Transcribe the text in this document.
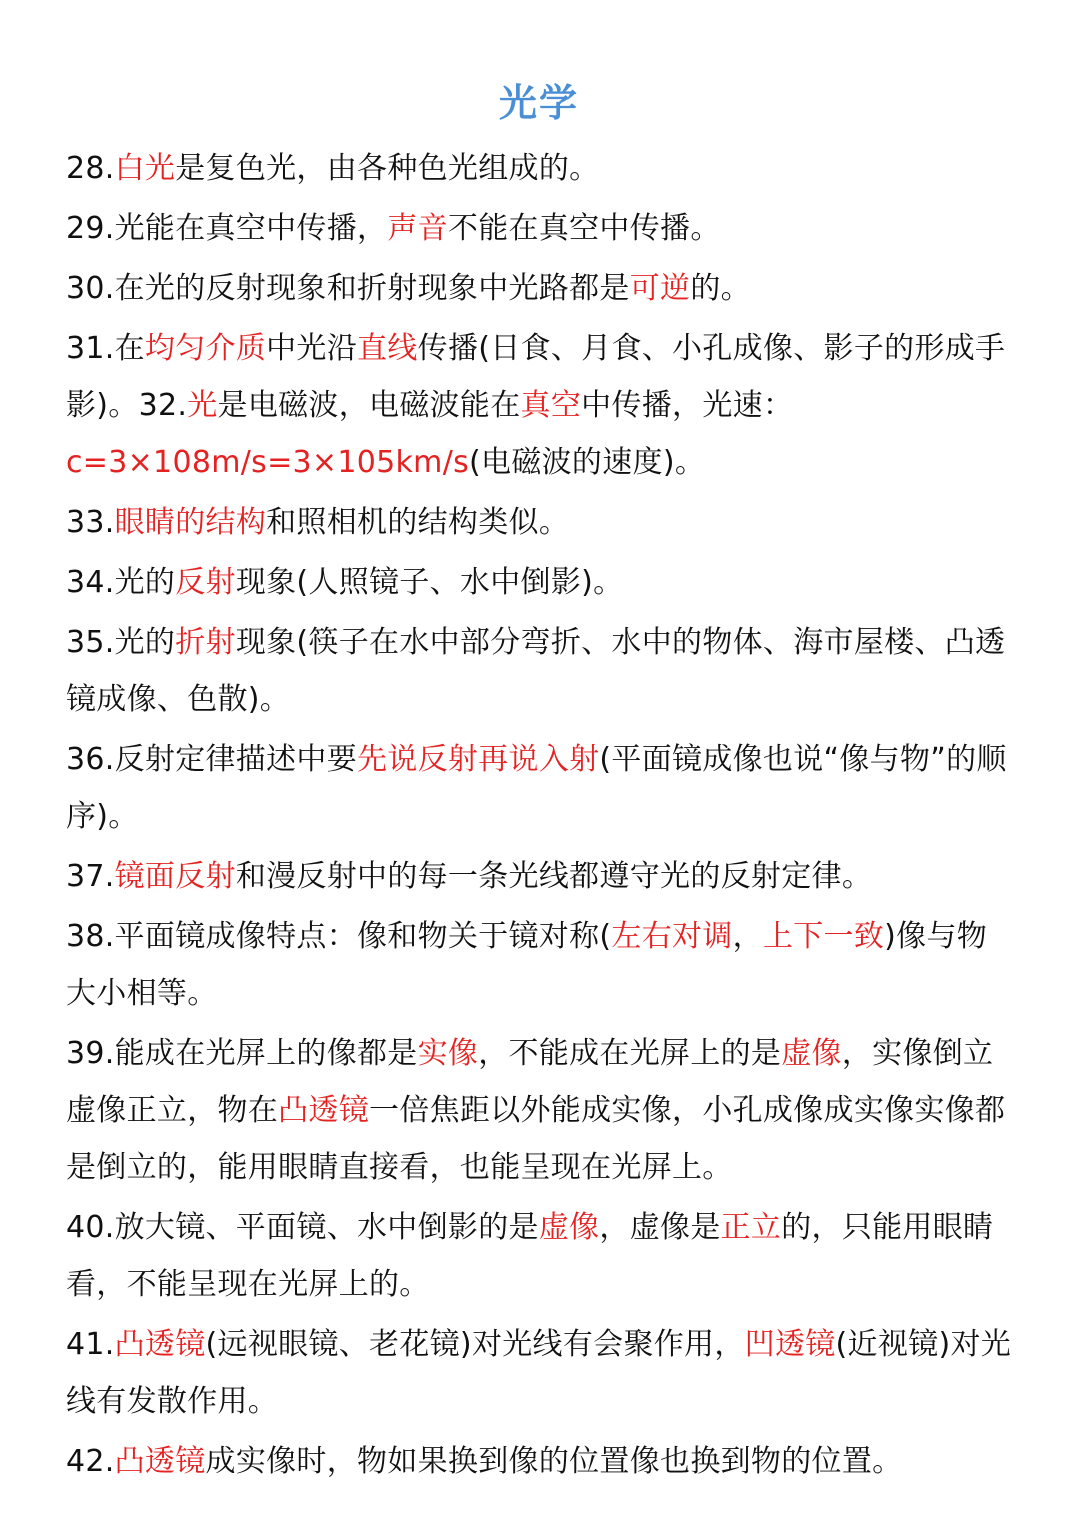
光学

28.白光是复色光，由各种色光组成的。

29.光能在真空中传播，声音不能在真空中传播。

30.在光的反射现象和折射现象中光路都是可逆的。

31.在均匀介质中光沿直线传播(日食、月食、小孔成像、影子的形成手影)。32.光是电磁波，电磁波能在真空中传播，光速：c=3×108m/s=3×105km/s(电磁波的速度)。

33.眼睛的结构和照相机的结构类似。

34.光的反射现象(人照镜子、水中倒影)。

35.光的折射现象(筷子在水中部分弯折、水中的物体、海市屋楼、凸透镜成像、色散)。

36.反射定律描述中要先说反射再说入射(平面镜成像也说“像与物”的顺序)。

37.镜面反射和漫反射中的每一条光线都遵守光的反射定律。

38.平面镜成像特点：像和物关于镜对称(左右对调，上下一致)像与物大小相等。

39.能成在光屏上的像都是实像，不能成在光屏上的是虚像，实像倒立虚像正立，物在凸透镜一倍焦距以外能成实像，小孔成像成实像实像都是倒立的，能用眼睛直接看，也能呈现在光屏上。

40.放大镜、平面镜、水中倒影的是虚像，虚像是正立的，只能用眼睛看，不能呈现在光屏上的。

41.凸透镜(远视眼镜、老花镜)对光线有会聚作用，凹透镜(近视镜)对光线有发散作用。

42.凸透镜成实像时，物如果换到像的位置像也换到物的位置。
